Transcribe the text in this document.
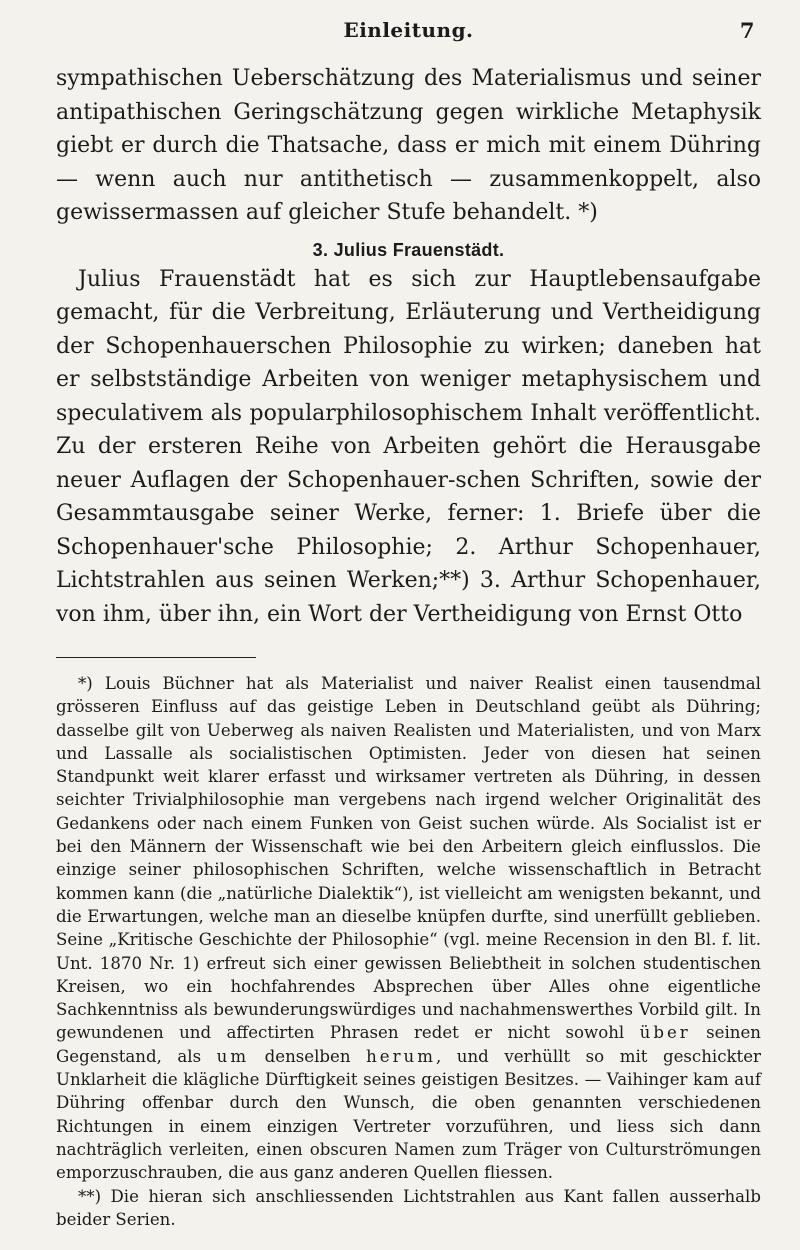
Einleitung.	7

sympathischen Ueberschätzung des Materialismus und seiner antipathischen Geringschätzung gegen wirkliche Metaphysik giebt er durch die Thatsache, dass er mich mit einem Dühring — wenn auch nur antithetisch — zusammenkoppelt, also gewissermassen auf gleicher Stufe behandelt. *)

3. Julius Frauenstädt.

Julius Frauenstädt hat es sich zur Hauptlebensaufgabe gemacht, für die Verbreitung, Erläuterung und Vertheidigung der Schopenhauerschen Philosophie zu wirken; daneben hat er selbstständige Arbeiten von weniger metaphysischem und speculativem als popularphilosophischem Inhalt veröffentlicht. Zu der ersteren Reihe von Arbeiten gehört die Herausgabe neuer Auflagen der Schopenhauer-schen Schriften, sowie der Gesammtausgabe seiner Werke, ferner: 1. Briefe über die Schopenhauer'sche Philosophie; 2. Arthur Schopenhauer, Lichtstrahlen aus seinen Werken;**) 3. Arthur Schopenhauer, von ihm, über ihn, ein Wort der Vertheidigung von Ernst Otto

*) Louis Büchner hat als Materialist und naiver Realist einen tausendmal grösseren Einfluss auf das geistige Leben in Deutschland geübt als Dühring; dasselbe gilt von Ueberweg als naiven Realisten und Materialisten, und von Marx und Lassalle als socialistischen Optimisten. Jeder von diesen hat seinen Standpunkt weit klarer erfasst und wirksamer vertreten als Dühring, in dessen seichter Trivialphilosophie man vergebens nach irgend welcher Originalität des Gedankens oder nach einem Funken von Geist suchen würde. Als Socialist ist er bei den Männern der Wissenschaft wie bei den Arbeitern gleich einflusslos. Die einzige seiner philosophischen Schriften, welche wissenschaftlich in Betracht kommen kann (die „natürliche Dialektik“), ist vielleicht am wenigsten bekannt, und die Erwartungen, welche man an dieselbe knüpfen durfte, sind unerfüllt geblieben. Seine „Kritische Geschichte der Philosophie“ (vgl. meine Recension in den Bl. f. lit. Unt. 1870 Nr. 1) erfreut sich einer gewissen Beliebtheit in solchen studentischen Kreisen, wo ein hochfahrendes Absprechen über Alles ohne eigentliche Sachkenntniss als bewunderungswürdiges und nachahmenswerthes Vorbild gilt. In gewundenen und affectirten Phrasen redet er nicht sowohl über seinen Gegenstand, als um denselben herum, und verhüllt so mit geschickter Unklarheit die klägliche Dürftigkeit seines geistigen Besitzes. — Vaihinger kam auf Dühring offenbar durch den Wunsch, die oben genannten verschiedenen Richtungen in einem einzigen Vertreter vorzuführen, und liess sich dann nachträglich verleiten, einen obscuren Namen zum Träger von Culturströmungen emporzuschrauben, die aus ganz anderen Quellen fliessen.

**) Die hieran sich anschliessenden Lichtstrahlen aus Kant fallen ausserhalb beider Serien.
